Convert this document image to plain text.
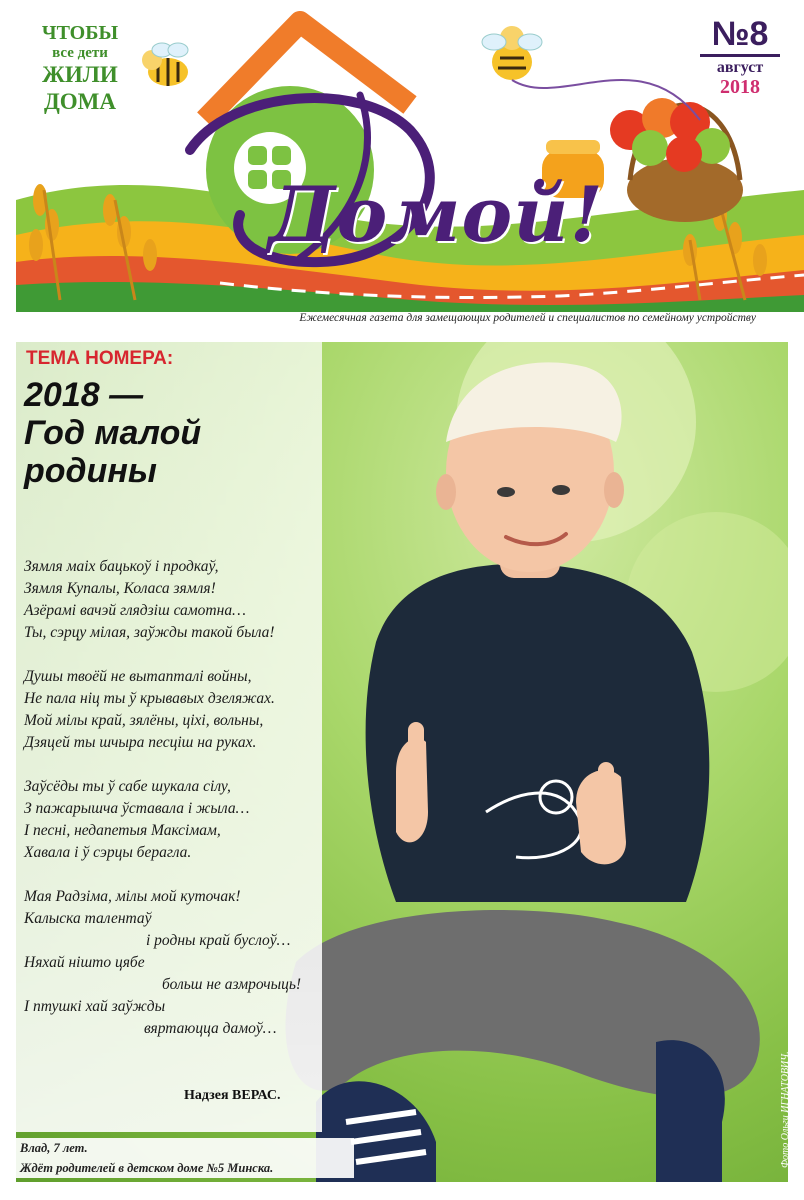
ЧТОБЫ
все дети
ЖИЛИ
ДОМА
Домой!
№8
август
2018
Ежемесячная газета для замещающих родителей и специалистов по семейному устройству
ТЕМА НОМЕРА:
2018 —
Год малой
родины
Зямля маіх бацькоў і продкаў,
Зямля Купалы, Коласа зямля!
Азёрамі вачэй глядзіш самотна…
Ты, сэрцу мілая, заўжды такой была!
Душы твоёй не вытапталі войны,
Не пала ніц ты ў крывавых дзеляжах.
Мой мілы край, зялёны, ціхі, вольны,
Дзяцей ты шчыра песціш на руках.
Заўсёды ты ў сабе шукала сілу,
З пажарышча ўставала і жыла…
І песні, недапетыя Максімам,
Хавала і ў сэрцы берагла.
Мая Радзіма, мілы мой куточак!
Калыска талентаў
і родны край буслоў…
Няхай нішто цябе
больш не азмрочыць!
І птушкі хай заўжды
вяртаюцца дамоў…
Надзея ВЕРАС.
Влад, 7 лет.
Ждёт родителей в детском доме №5 Минска.	Фото Ольги ИГНАТОВИЧ.
